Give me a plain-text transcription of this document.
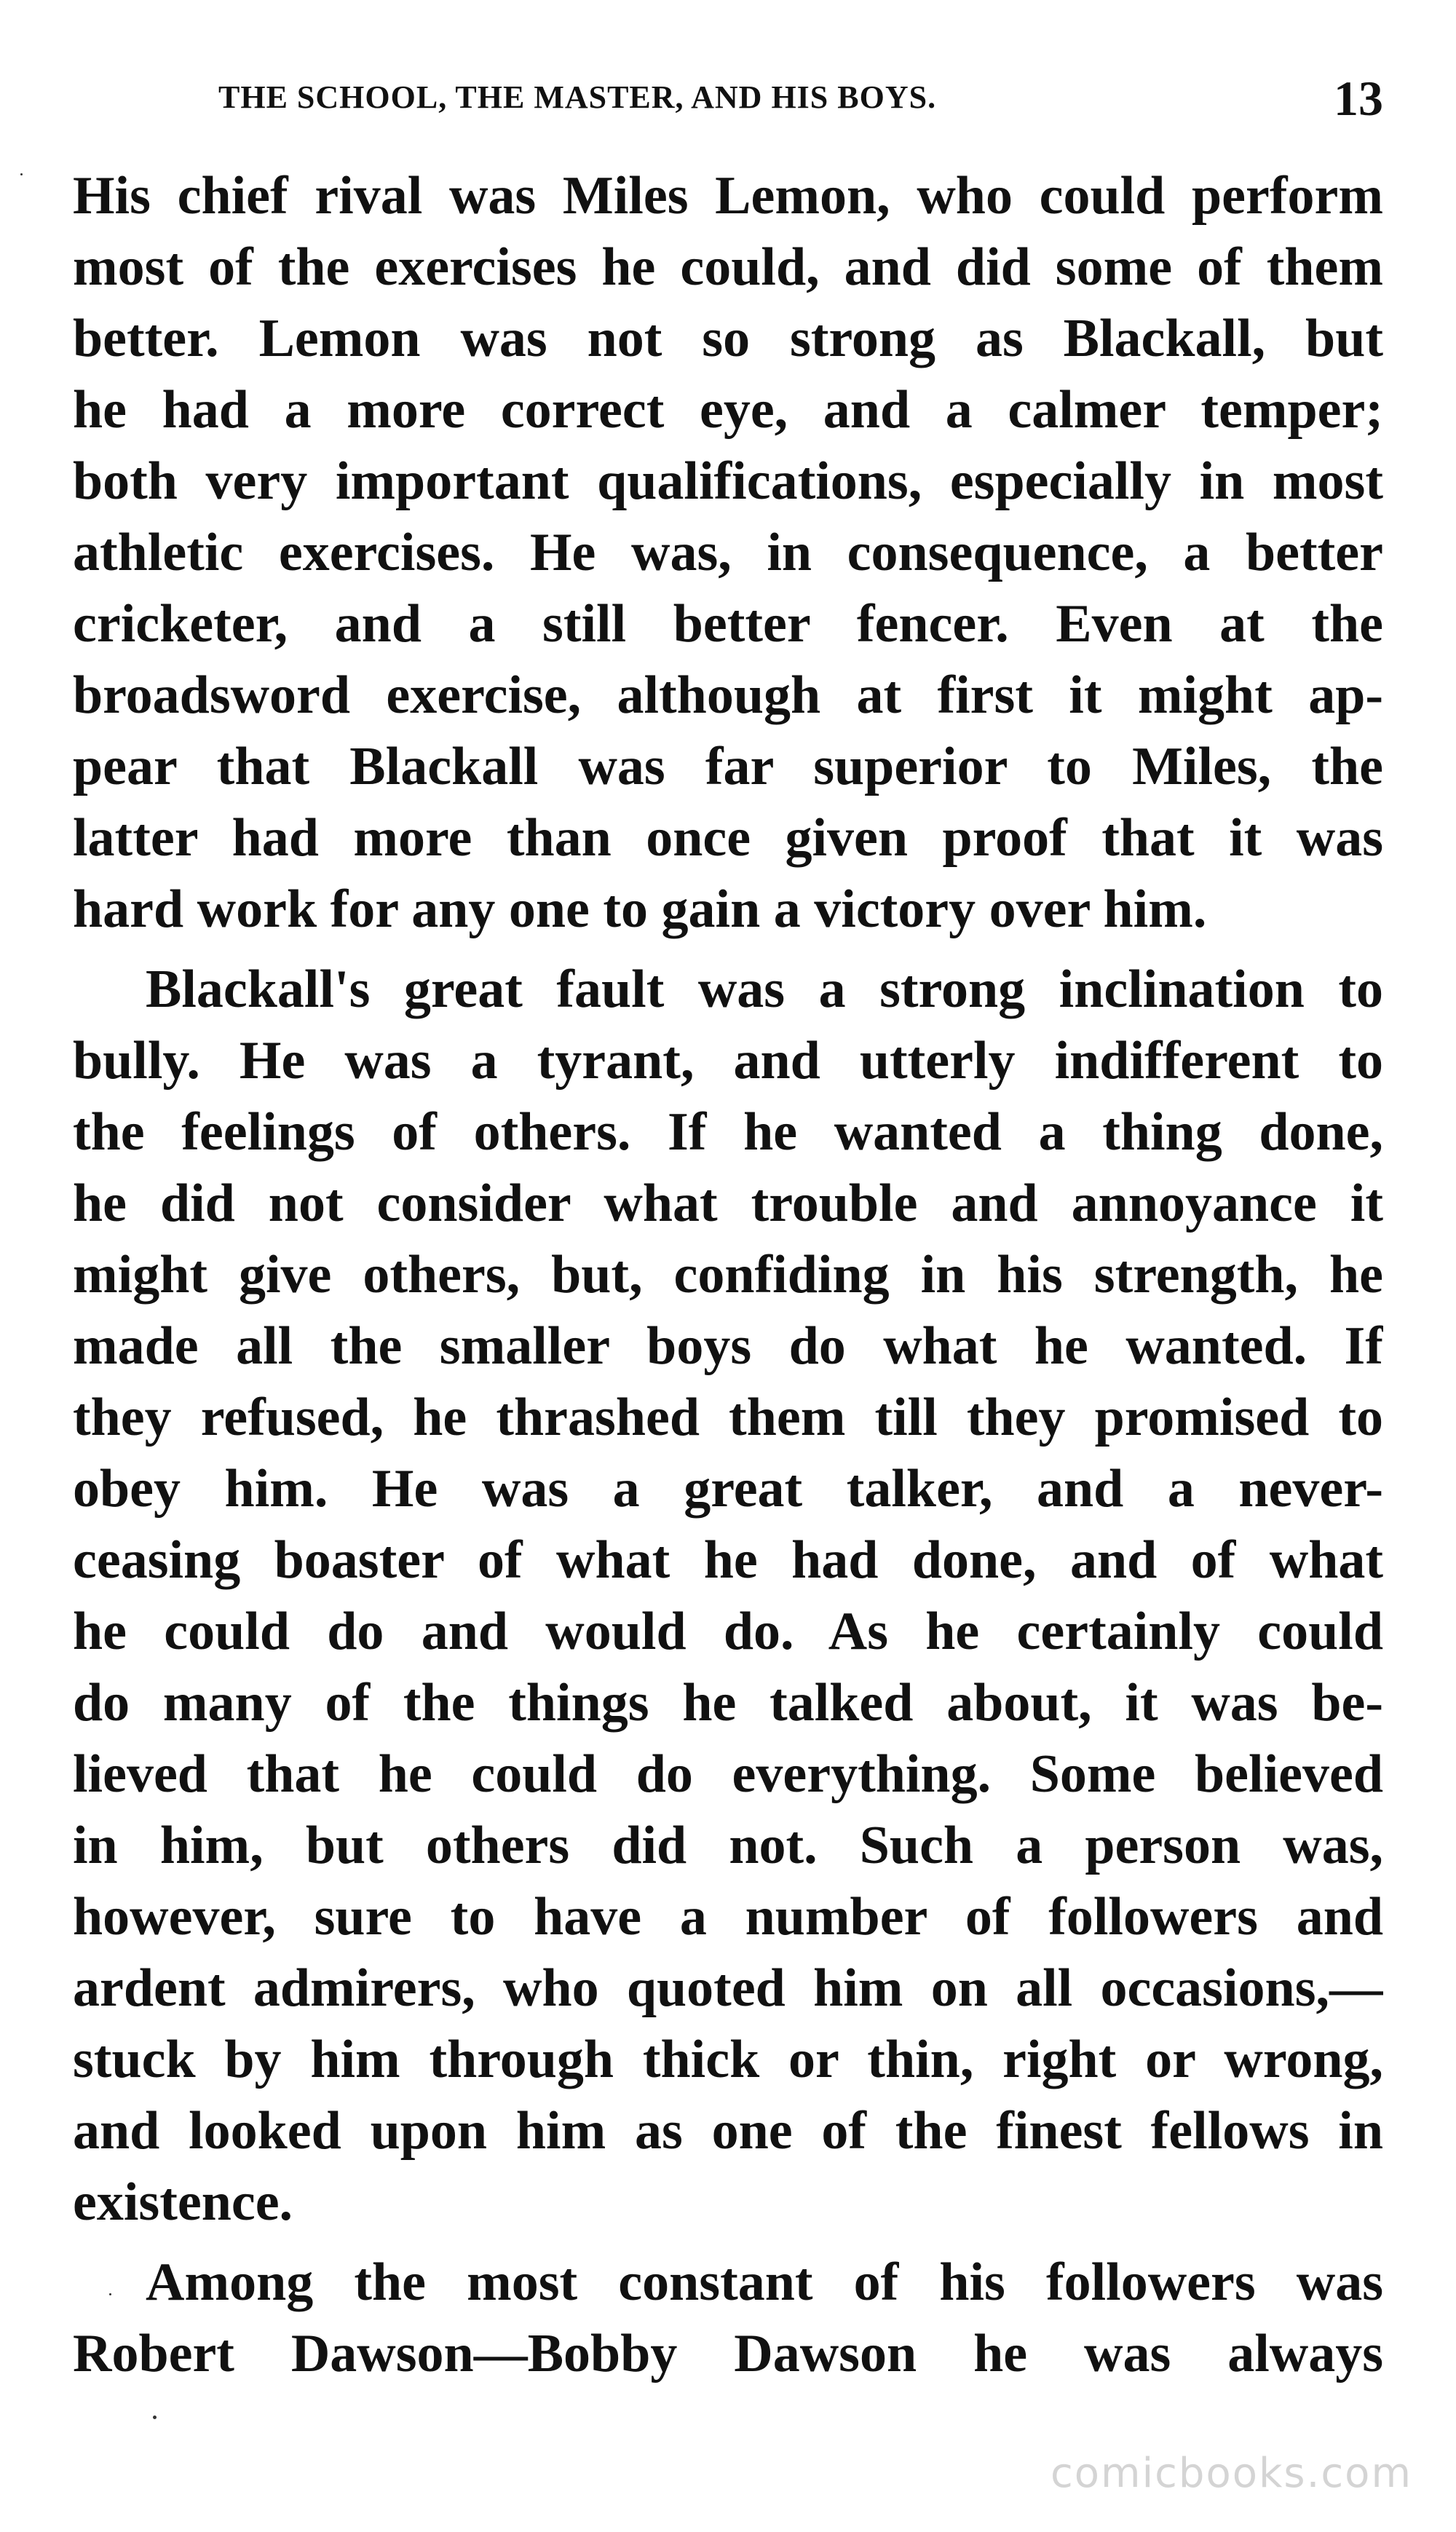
THE SCHOOL, THE MASTER, AND HIS BOYS.	13
His chief rival was Miles Lemon, who could perform
most of the exercises he could, and did some of them
better. Lemon was not so strong as Blackall, but
he had a more correct eye, and a calmer temper;
both very important qualifications, especially in most
athletic exercises. He was, in consequence, a better
cricketer, and a still better fencer. Even at the
broadsword exercise, although at first it might ap-
pear that Blackall was far superior to Miles, the
latter had more than once given proof that it was
hard work for any one to gain a victory over him.
Blackall's great fault was a strong inclination to
bully. He was a tyrant, and utterly indifferent to
the feelings of others. If he wanted a thing done,
he did not consider what trouble and annoyance it
might give others, but, confiding in his strength, he
made all the smaller boys do what he wanted. If
they refused, he thrashed them till they promised to
obey him. He was a great talker, and a never-
ceasing boaster of what he had done, and of what
he could do and would do. As he certainly could
do many of the things he talked about, it was be-
lieved that he could do everything. Some believed
in him, but others did not. Such a person was,
however, sure to have a number of followers and
ardent admirers, who quoted him on all occasions,—
stuck by him through thick or thin, right or wrong,
and looked upon him as one of the finest fellows in
existence.
Among the most constant of his followers was
Robert Dawson—Bobby Dawson he was always
comicbooks.com
